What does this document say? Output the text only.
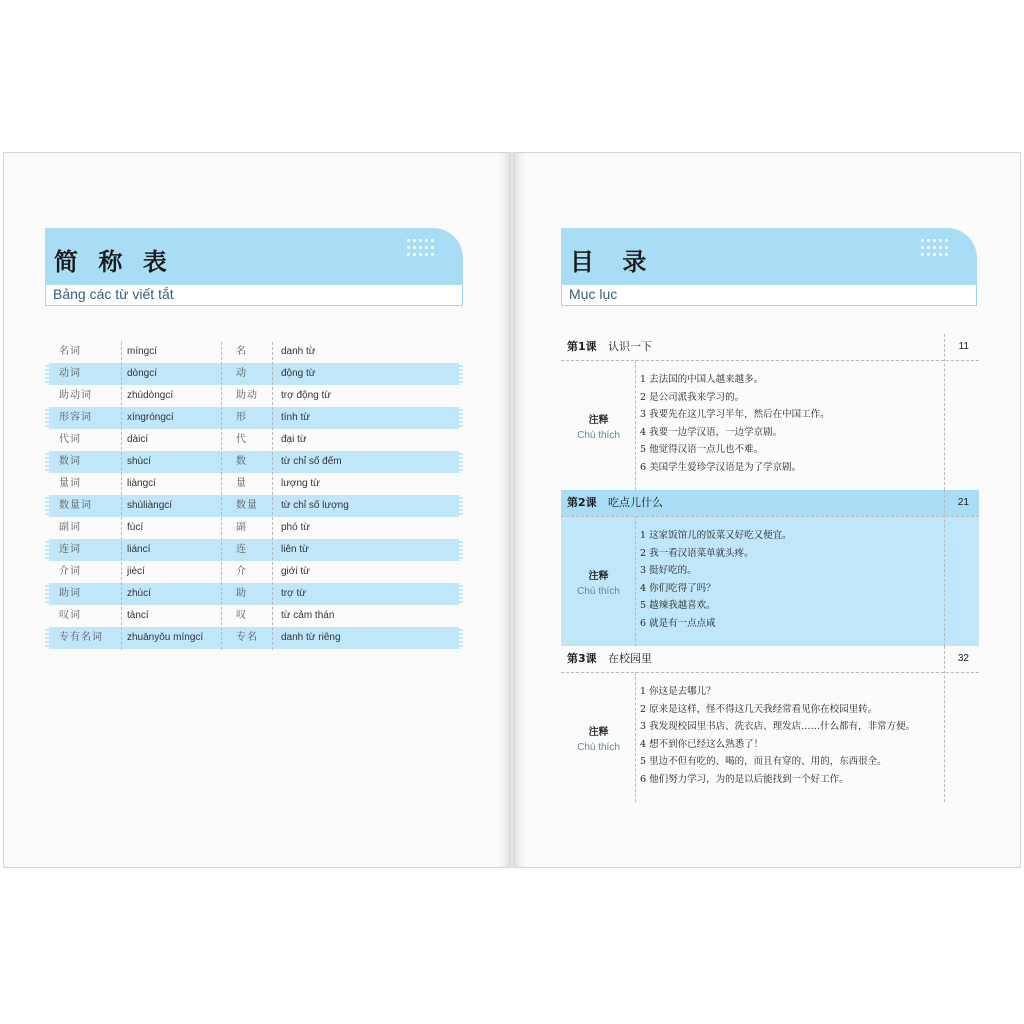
简 称 表
Bảng các từ viết tắt
名词	míngcí	名	danh từ
动词	dòngcí	动	động từ
助动词	zhùdòngcí	助动 trợ động từ
形容词	xíngróngcí	形	tính từ
代词	dàicí	代	đại từ
数词	shùcí	数	từ chỉ số đếm
量词	liàngcí	量	lượng từ
数量词	shùliàngcí	数量 từ chỉ số lượng
副词	fùcí	副	phó từ
连词	liáncí	连	liên từ
介词	jiècí	介	giới từ
助词	zhùcí	助	trợ từ
叹词	tàncí	叹	từ cảm thán
专有名词 zhuānyǒu míngcí	专名 danh từ riêng
目 录
Mục lục
第1课 认识一下	11
注释
Chú thích
1 去法国的中国人越来越多。
2 是公司派我来学习的。
3 我要先在这儿学习半年，然后在中国工作。
4 我要一边学汉语，一边学京剧。
5 他觉得汉语一点儿也不难。
6 美国学生爱珍学汉语是为了学京剧。
第2课 吃点儿什么	21
注释
Chú thích
1 这家饭馆儿的饭菜又好吃又便宜。
2 我一看汉语菜单就头疼。
3 挺好吃的。
4 你们吃得了吗？
5 越辣我越喜欢。
6 就是有一点点咸
第3课 在校园里	32
注释
Chú thích
1 你这是去哪儿？
2 原来是这样，怪不得这几天我经常看见你在校园里转。
3 我发现校园里书店、洗衣店、理发店……什么都有，非常方便。
4 想不到你已经这么熟悉了！
5 里边不但有吃的、喝的，而且有穿的、用的，东西很全。
6 他们努力学习，为的是以后能找到一个好工作。
